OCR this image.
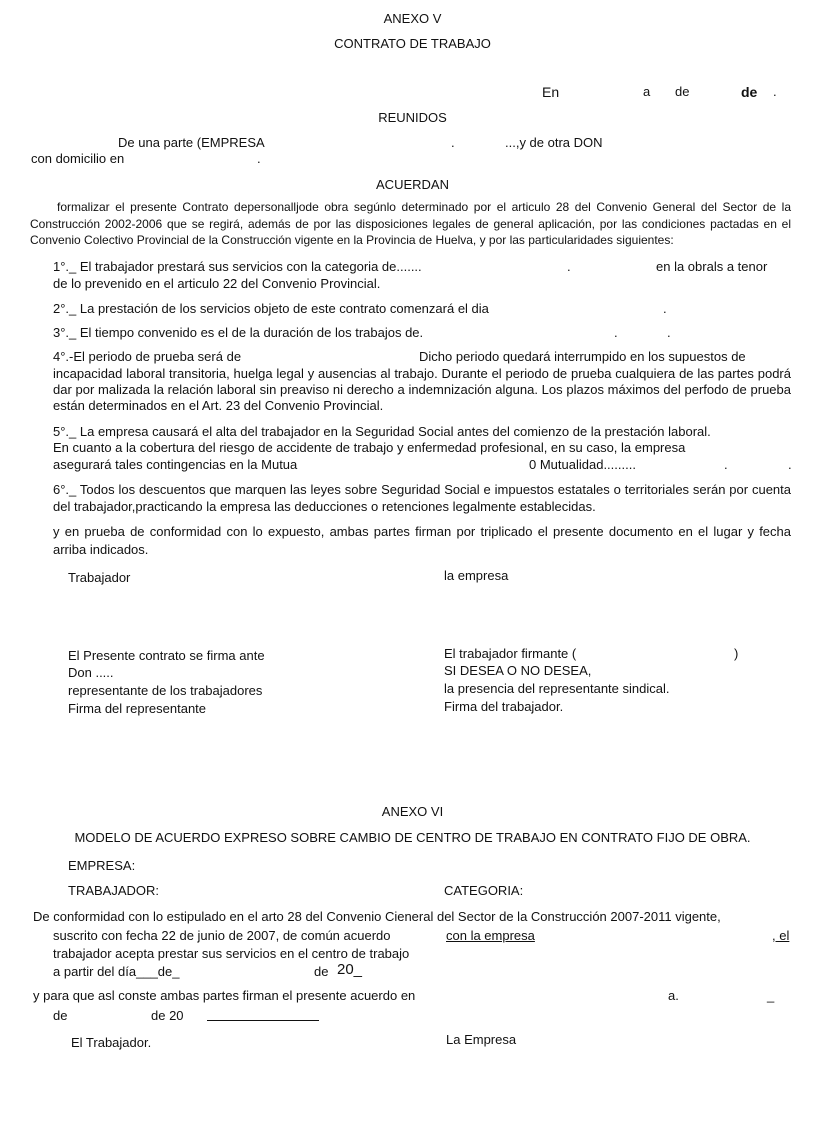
ANEXO V
CONTRATO DE TRABAJO
En	a de	de .
REUNIDOS
De una parte (EMPRESA	.	...,y de otra DON
con domicilio en	.
ACUERDAN
formalizar el presente Contrato depersonalljode obra segúnlo determinado por el articulo 28 del Convenio General del Sector de la Construcción 2002-2006 que se regirá, además de por las disposiciones legales de general aplicación, por las condiciones pactadas en el Convenio Colectivo Provincial de la Construcción vigente en la Provincia de Huelva, y por las particularidades siguientes:
1°._ El trabajador prestará sus servicios con la categoria de.......	.	en la obrals a tenor
de lo prevenido en el articulo 22 del Convenio Provincial.
2°._ La prestación de los servicios objeto de este contrato comenzará el dia	.
3°._ El tiempo convenido es el de la duración de los trabajos de.	.	.
4°.-El periodo de prueba será de	Dicho periodo quedará interrumpido en los supuestos de
incapacidad laboral transitoria, huelga legal y ausencias al trabajo. Durante el periodo de prueba cualquiera de las partes podrá dar por malizada la relación laboral sin preaviso ni derecho a indemnización alguna. Los plazos máximos del perfodo de prueba están determinados en el Art. 23 del Convenio Provincial.
5°._ La empresa causará el alta del trabajador en la Seguridad Social antes del comienzo de la prestación laboral.
En cuanto a la cobertura del riesgo de accidente de trabajo y enfermedad profesional, en su caso, la empresa
asegurará tales contingencias en la Mutua	0 Mutualidad.........	.	.
6°._ Todos los descuentos que marquen las leyes sobre Seguridad Social e impuestos estatales o territoriales serán por cuenta del trabajador,practicando la empresa las deducciones o retenciones legalmente establecidas.
y en prueba de conformidad con lo expuesto, ambas partes firman por triplicado el presente documento en el lugar y fecha arriba indicados.
Trabajador	la empresa
El Presente contrato se firma ante
Don .....
representante de los trabajadores
Firma del representante
El trabajador firmante (	)
SI DESEA O NO DESEA,
la presencia del representante sindical.
Firma del trabajador.
ANEXO VI
MODELO DE ACUERDO EXPRESO SOBRE CAMBIO DE CENTRO DE TRABAJO EN CONTRATO FIJO DE OBRA.
EMPRESA:
TRABAJADOR:	CATEGORIA:
De conformidad con lo estipulado en el arto 28 del Convenio Cieneral del Sector de la Construcción 2007-2011 vigente,
suscrito con fecha 22 de junio de 2007, de común acuerdo	con la empresa	, el
trabajador acepta prestar sus servicios en el centro de trabajo
a partir del día___de_	de 20_
y para que asl conste ambas partes firman el presente acuerdo en	a.	_
de	de 20
El Trabajador.	La Empresa
